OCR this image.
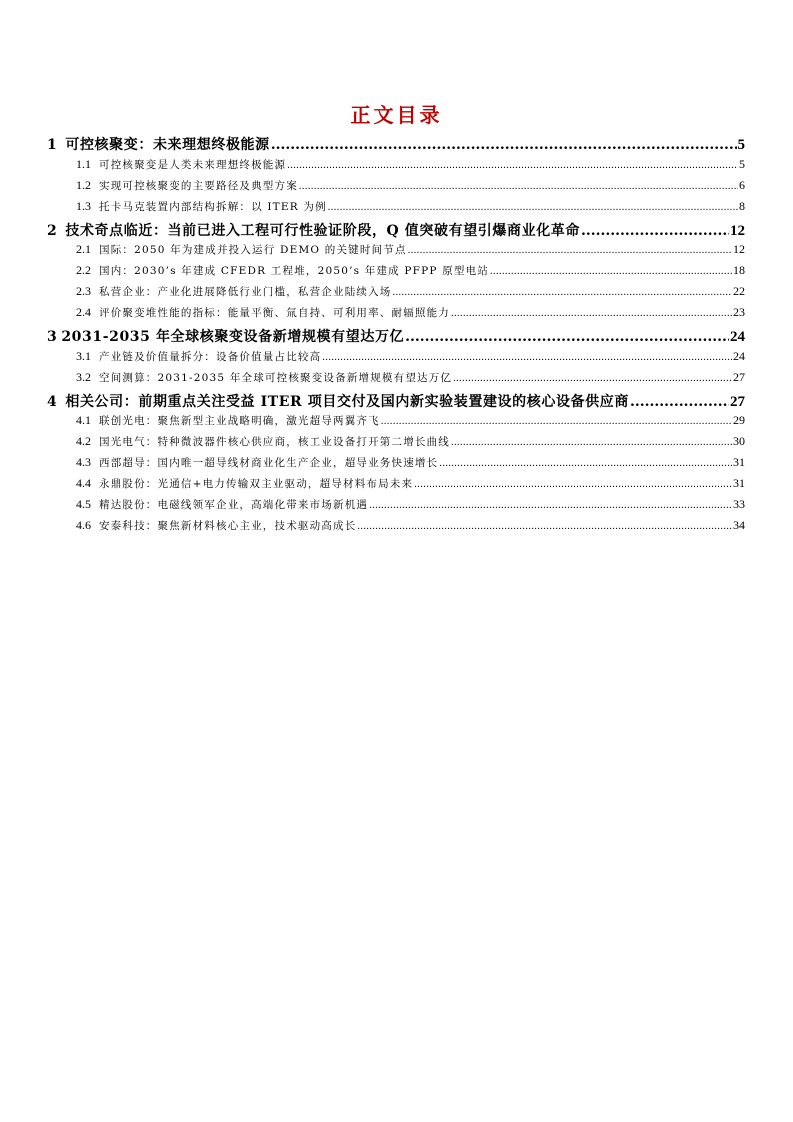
正文目录
1 可控核聚变：未来理想终极能源 .....	5
1.1 可控核聚变是人类未来理想终极能源 .....	5
1.2 实现可控核聚变的主要路径及典型方案 .....	6
1.3 托卡马克装置内部结构拆解：以 ITER 为例 .....	8
2 技术奇点临近：当前已进入工程可行性验证阶段，Q 值突破有望引爆商业化革命 .....	12
2.1 国际：2050 年为建成并投入运行 DEMO 的关键时间节点 .....	12
2.2 国内：2030’s 年建成 CFEDR 工程堆，2050’s 年建成 PFPP 原型电站 .....	18
2.3 私营企业：产业化进展降低行业门槛，私营企业陆续入场 .....	22
2.4 评价聚变堆性能的指标：能量平衡、氚自持、可利用率、耐辐照能力 .....	23
3 2031-2035 年全球核聚变设备新增规模有望达万亿 .....	24
3.1 产业链及价值量拆分：设备价值量占比较高 .....	24
3.2 空间测算：2031-2035 年全球可控核聚变设备新增规模有望达万亿 .....	27
4 相关公司：前期重点关注受益 ITER 项目交付及国内新实验装置建设的核心设备供应商 .....	27
4.1 联创光电：聚焦新型主业战略明确，激光超导两翼齐飞 .....	29
4.2 国光电气：特种微波器件核心供应商，核工业设备打开第二增长曲线 .....	30
4.3 西部超导：国内唯一超导线材商业化生产企业，超导业务快速增长 .....	31
4.4 永鼎股份：光通信+电力传输双主业驱动，超导材料布局未来 .....	31
4.5 精达股份：电磁线领军企业，高端化带来市场新机遇 .....	33
4.6 安泰科技：聚焦新材料核心主业，技术驱动高成长 .....	34
